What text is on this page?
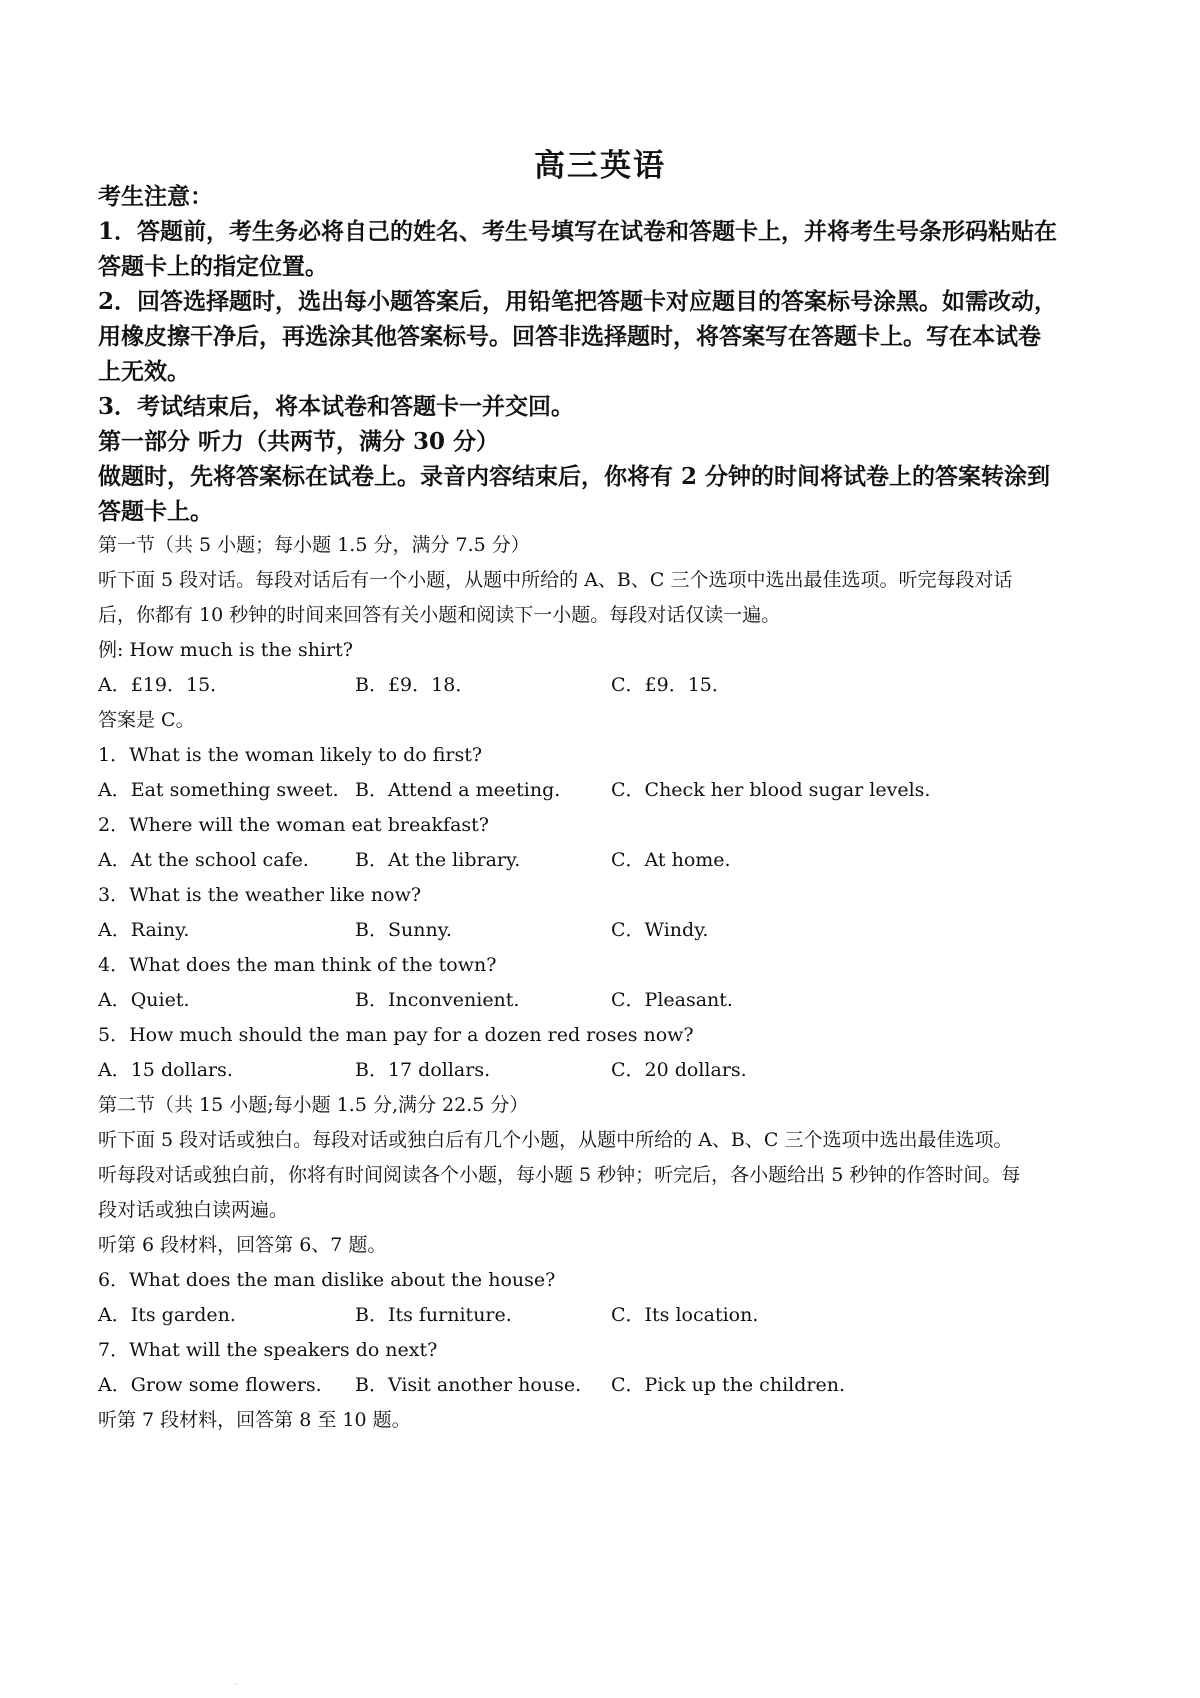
高三英语
考生注意：
1．答题前，考生务必将自己的姓名、考生号填写在试卷和答题卡上，并将考生号条形码粘贴在
答题卡上的指定位置。
2．回答选择题时，选出每小题答案后，用铅笔把答题卡对应题目的答案标号涂黑。如需改动，
用橡皮擦干净后，再选涂其他答案标号。回答非选择题时，将答案写在答题卡上。写在本试卷
上无效。
3．考试结束后，将本试卷和答题卡一并交回。
第一部分 听力（共两节，满分 30 分）
做题时，先将答案标在试卷上。录音内容结束后，你将有 2 分钟的时间将试卷上的答案转涂到
答题卡上。
第一节（共 5 小题；每小题 1.5 分，满分 7.5 分）
听下面 5 段对话。每段对话后有一个小题，从题中所给的 A、B、C 三个选项中选出最佳选项。听完每段对话
后，你都有 10 秒钟的时间来回答有关小题和阅读下一小题。每段对话仅读一遍。
例: How much is the shirt?
A．£19．15．	B．£9．18．	C．£9．15．
答案是 C。
1．What is the woman likely to do first?
A．Eat something sweet. B．Attend a meeting.	C．Check her blood sugar levels.
2．Where will the woman eat breakfast?
A．At the school cafe. B．At the library.	C．At home.
3．What is the weather like now?
A．Rainy.	B．Sunny.	C．Windy.
4．What does the man think of the town?
A．Quiet.	B．Inconvenient.	C．Pleasant.
5．How much should the man pay for a dozen red roses now?
A．15 dollars.	B．17 dollars.	C．20 dollars.
第二节（共 15 小题;每小题 1.5 分,满分 22.5 分）
听下面 5 段对话或独白。每段对话或独白后有几个小题，从题中所给的 A、B、C 三个选项中选出最佳选项。
听每段对话或独白前，你将有时间阅读各个小题，每小题 5 秒钟；听完后，各小题给出 5 秒钟的作答时间。每
段对话或独白读两遍。
听第 6 段材料，回答第 6、7 题。
6．What does the man dislike about the house?
A．Its garden.	B．Its furniture.	C．Its location.
7．What will the speakers do next?
A．Grow some flowers. B．Visit another house. C．Pick up the children.
听第 7 段材料，回答第 8 至 10 题。
·
